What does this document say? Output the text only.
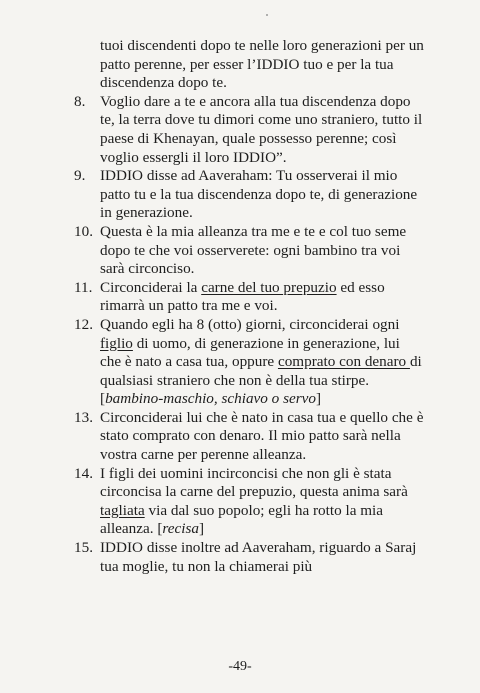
tuoi discendenti dopo te nelle loro generazioni per un patto perenne, per esser l’IDDIO tuo e per la tua discendenza dopo te.
8. Voglio dare a te e ancora alla tua discendenza dopo te, la terra dove tu dimori come uno straniero, tutto il paese di Khenayan, quale possesso perenne; così voglio essergli il loro IDDIO”.
9. IDDIO disse ad Aaveraham: Tu osserverai il mio patto tu e la tua discendenza dopo te, di generazione in generazione.
10. Questa è la mia alleanza tra me e te e col tuo seme dopo te che voi osserverete: ogni bambino tra voi sarà circonciso.
11. Circonciderai la carne del tuo prepuzio ed esso rimarrà un patto tra me e voi.
12. Quando egli ha 8 (otto) giorni, circonciderai ogni figlio di uomo, di generazione in generazione, lui che è nato a casa tua, oppure comprato con denaro di qualsiasi straniero che non è della tua stirpe. [bambino-maschio, schiavo o servo]
13. Circonciderai lui che è nato in casa tua e quello che è stato comprato con denaro. Il mio patto sarà nella vostra carne per perenne alleanza.
14. I figli dei uomini incirconcisi che non gli è stata circoncisa la carne del prepuzio, questa anima sarà tagliata via dal suo popolo; egli ha rotto la mia alleanza. [recisa]
15. IDDIO disse inoltre ad Aaveraham, riguardo a Saraj tua moglie, tu non la chiamerai più
-49-
